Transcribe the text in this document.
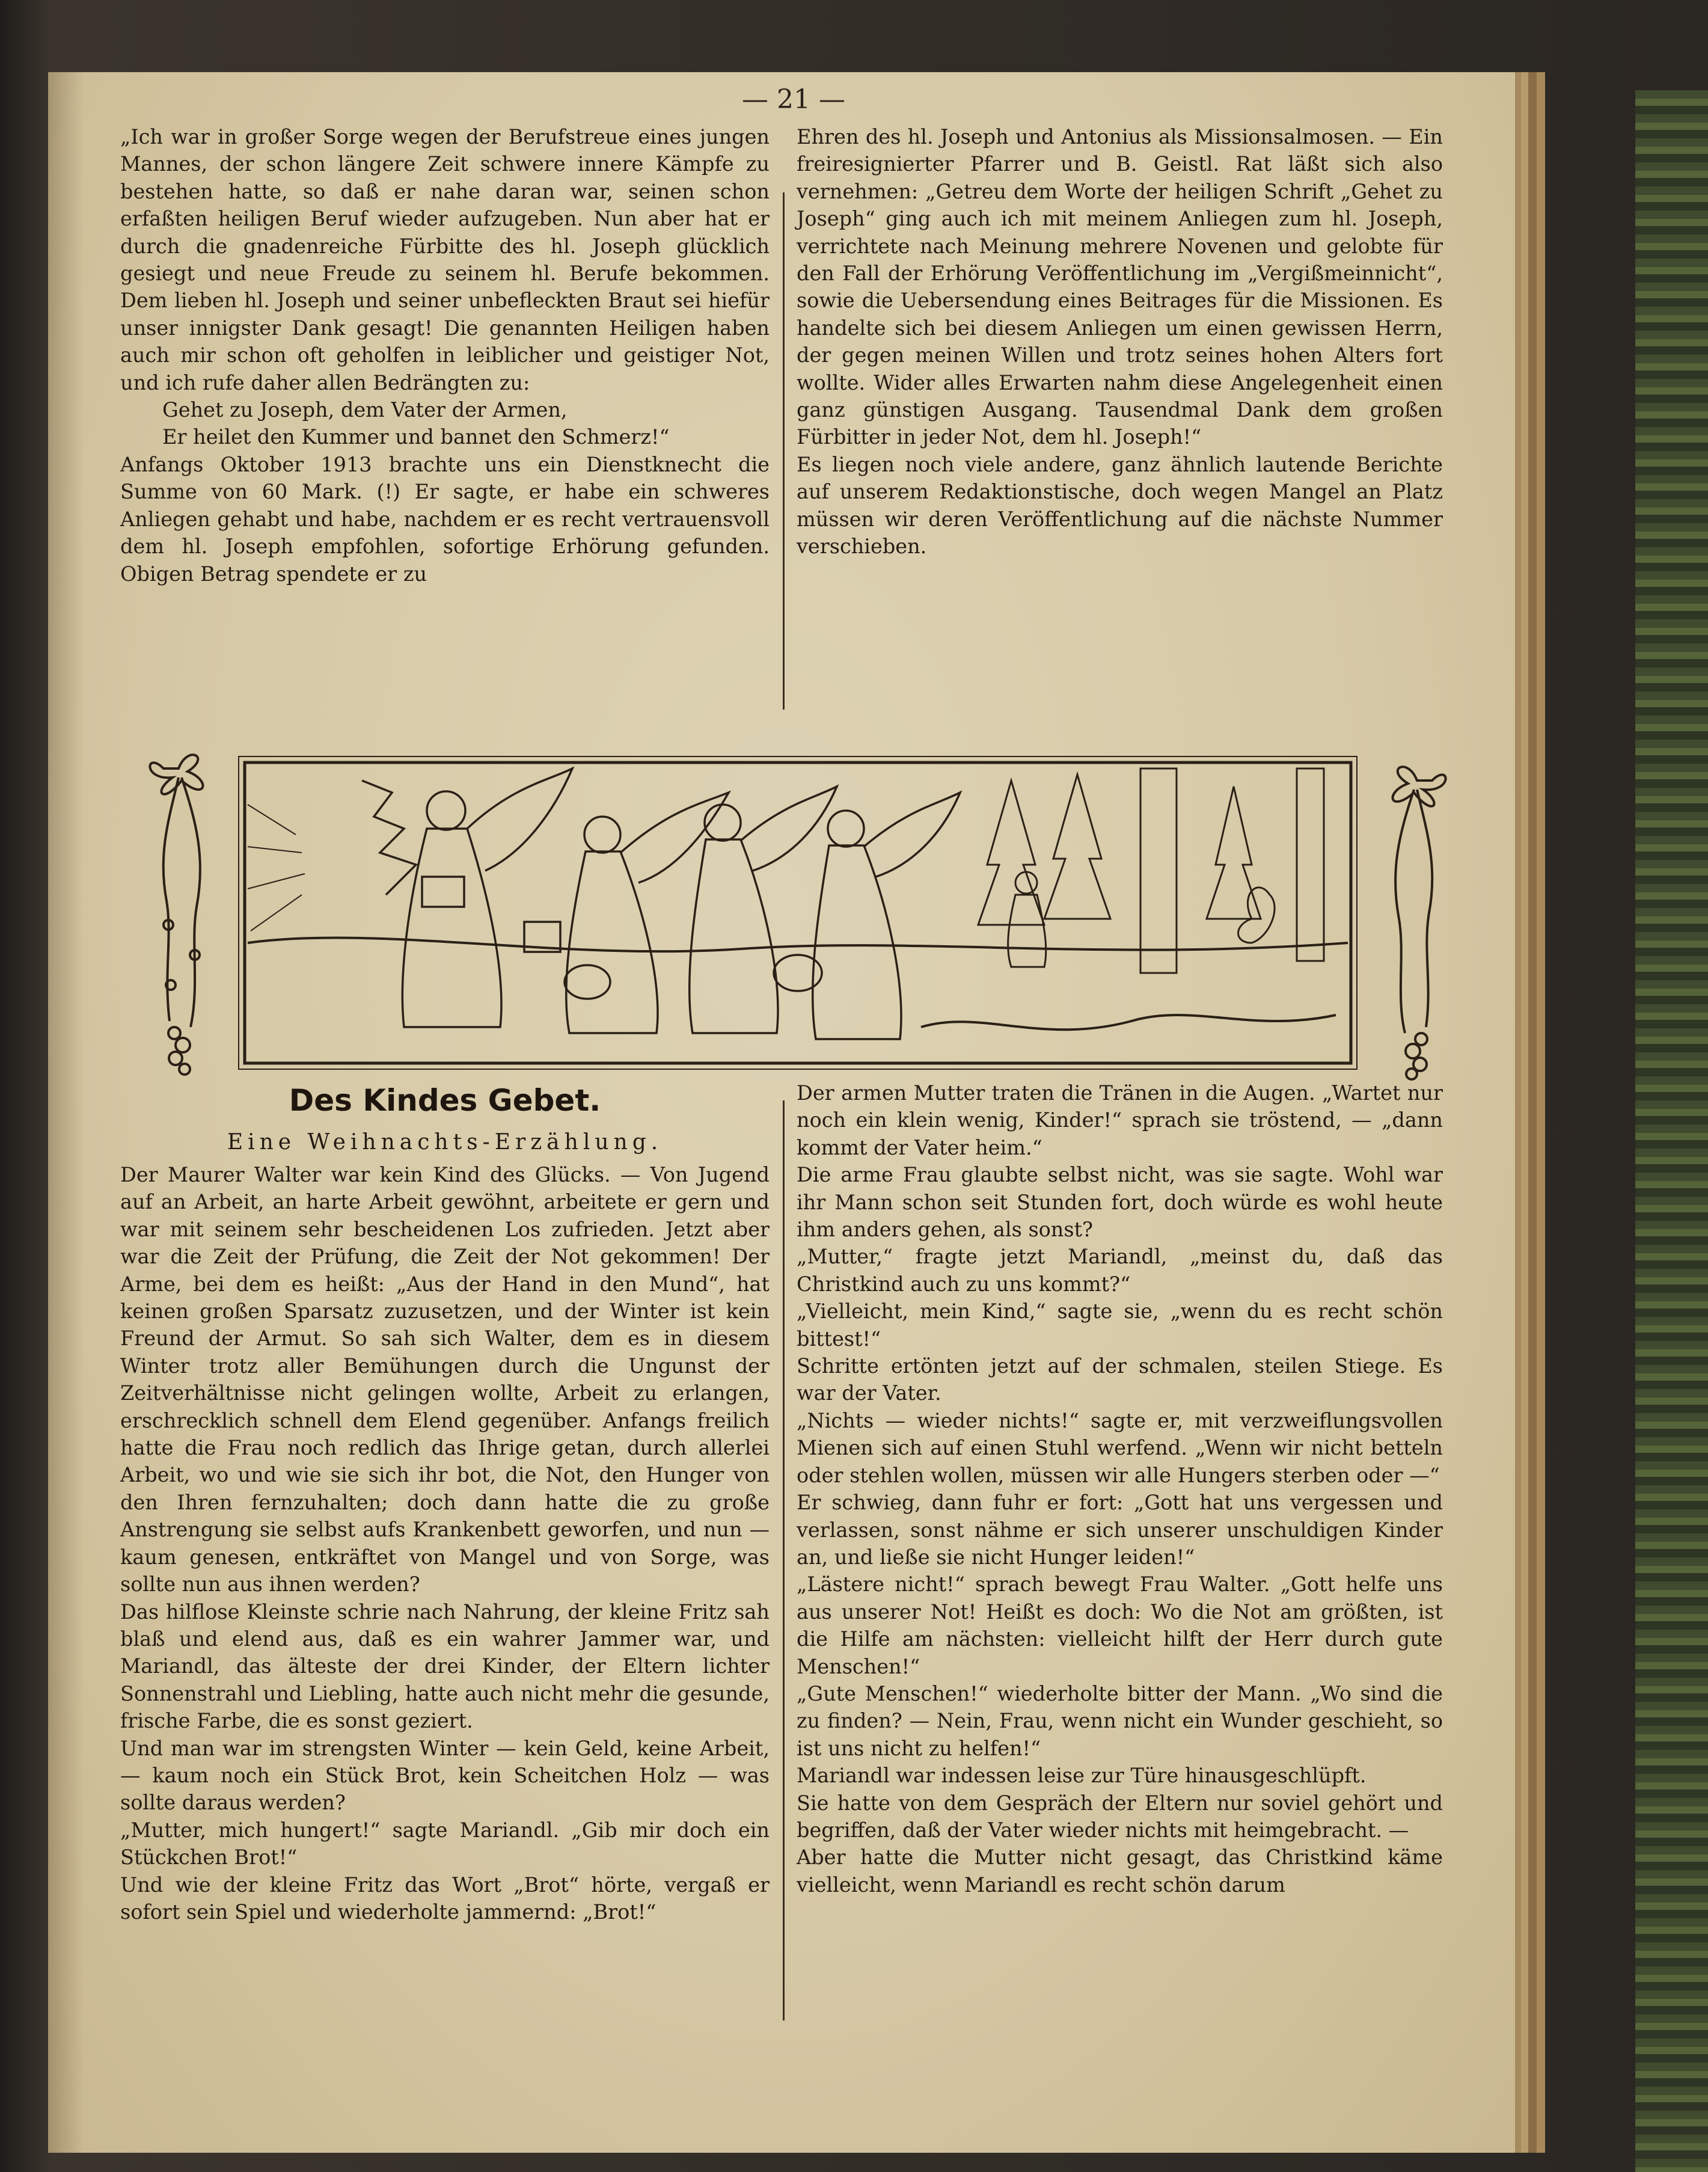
— 21 —

„Ich war in großer Sorge wegen der Berufstreue eines jungen Mannes, der schon längere Zeit schwere innere Kämpfe zu bestehen hatte, so daß er nahe daran war, seinen schon erfaßten heiligen Beruf wieder aufzugeben. Nun aber hat er durch die gnadenreiche Fürbitte des hl. Joseph glücklich gesiegt und neue Freude zu seinem hl. Berufe bekommen. Dem lieben hl. Joseph und seiner unbefleckten Braut sei hiefür unser innigster Dank gesagt! Die genannten Heiligen haben auch mir schon oft geholfen in leiblicher und geistiger Not, und ich rufe daher allen Bedrängten zu:

Gehet zu Joseph, dem Vater der Armen,

Er heilet den Kummer und bannet den Schmerz!“

Anfangs Oktober 1913 brachte uns ein Dienstknecht die Summe von 60 Mark. (!) Er sagte, er habe ein schweres Anliegen gehabt und habe, nachdem er es recht vertrauensvoll dem hl. Joseph empfohlen, sofortige Erhörung gefunden. Obigen Betrag spendete er zu

Ehren des hl. Joseph und Antonius als Missionsalmosen. — Ein freiresignierter Pfarrer und B. Geistl. Rat läßt sich also vernehmen: „Getreu dem Worte der heiligen Schrift „Gehet zu Joseph“ ging auch ich mit meinem Anliegen zum hl. Joseph, verrichtete nach Meinung mehrere Novenen und gelobte für den Fall der Erhörung Veröffentlichung im „Vergißmeinnicht“, sowie die Uebersendung eines Beitrages für die Missionen. Es handelte sich bei diesem Anliegen um einen gewissen Herrn, der gegen meinen Willen und trotz seines hohen Alters fort wollte. Wider alles Erwarten nahm diese Angelegenheit einen ganz günstigen Ausgang. Tausendmal Dank dem großen Fürbitter in jeder Not, dem hl. Joseph!“

Es liegen noch viele andere, ganz ähnlich lautende Berichte auf unserem Redaktionstische, doch wegen Mangel an Platz müssen wir deren Veröffentlichung auf die nächste Nummer verschieben.

Des Kindes Gebet.
Eine Weihnachts-Erzählung.

Der Maurer Walter war kein Kind des Glücks. — Von Jugend auf an Arbeit, an harte Arbeit gewöhnt, arbeitete er gern und war mit seinem sehr bescheidenen Los zufrieden. Jetzt aber war die Zeit der Prüfung, die Zeit der Not gekommen! Der Arme, bei dem es heißt: „Aus der Hand in den Mund“, hat keinen großen Sparsatz zuzusetzen, und der Winter ist kein Freund der Armut. So sah sich Walter, dem es in diesem Winter trotz aller Bemühungen durch die Ungunst der Zeitverhältnisse nicht gelingen wollte, Arbeit zu erlangen, erschrecklich schnell dem Elend gegenüber. Anfangs freilich hatte die Frau noch redlich das Ihrige getan, durch allerlei Arbeit, wo und wie sie sich ihr bot, die Not, den Hunger von den Ihren fernzuhalten; doch dann hatte die zu große Anstrengung sie selbst aufs Krankenbett geworfen, und nun — kaum genesen, entkräftet von Mangel und von Sorge, was sollte nun aus ihnen werden?

Das hilflose Kleinste schrie nach Nahrung, der kleine Fritz sah blaß und elend aus, daß es ein wahrer Jammer war, und Mariandl, das älteste der drei Kinder, der Eltern lichter Sonnenstrahl und Liebling, hatte auch nicht mehr die gesunde, frische Farbe, die es sonst geziert.

Und man war im strengsten Winter — kein Geld, keine Arbeit, — kaum noch ein Stück Brot, kein Scheitchen Holz — was sollte daraus werden?

„Mutter, mich hungert!“ sagte Mariandl. „Gib mir doch ein Stückchen Brot!“

Und wie der kleine Fritz das Wort „Brot“ hörte, vergaß er sofort sein Spiel und wiederholte jammernd: „Brot!“

Der armen Mutter traten die Tränen in die Augen. „Wartet nur noch ein klein wenig, Kinder!“ sprach sie tröstend, — „dann kommt der Vater heim.“

Die arme Frau glaubte selbst nicht, was sie sagte. Wohl war ihr Mann schon seit Stunden fort, doch würde es wohl heute ihm anders gehen, als sonst?

„Mutter,“ fragte jetzt Mariandl, „meinst du, daß das Christkind auch zu uns kommt?“

„Vielleicht, mein Kind,“ sagte sie, „wenn du es recht schön bittest!“

Schritte ertönten jetzt auf der schmalen, steilen Stiege. Es war der Vater.

„Nichts — wieder nichts!“ sagte er, mit verzweiflungsvollen Mienen sich auf einen Stuhl werfend. „Wenn wir nicht betteln oder stehlen wollen, müssen wir alle Hungers sterben oder —“

Er schwieg, dann fuhr er fort: „Gott hat uns vergessen und verlassen, sonst nähme er sich unserer unschuldigen Kinder an, und ließe sie nicht Hunger leiden!“

„Lästere nicht!“ sprach bewegt Frau Walter. „Gott helfe uns aus unserer Not! Heißt es doch: Wo die Not am größten, ist die Hilfe am nächsten: vielleicht hilft der Herr durch gute Menschen!“

„Gute Menschen!“ wiederholte bitter der Mann. „Wo sind die zu finden? — Nein, Frau, wenn nicht ein Wunder geschieht, so ist uns nicht zu helfen!“

Mariandl war indessen leise zur Türe hinausgeschlüpft.

Sie hatte von dem Gespräch der Eltern nur soviel gehört und begriffen, daß der Vater wieder nichts mit heimgebracht. —

Aber hatte die Mutter nicht gesagt, das Christkind käme vielleicht, wenn Mariandl es recht schön darum
